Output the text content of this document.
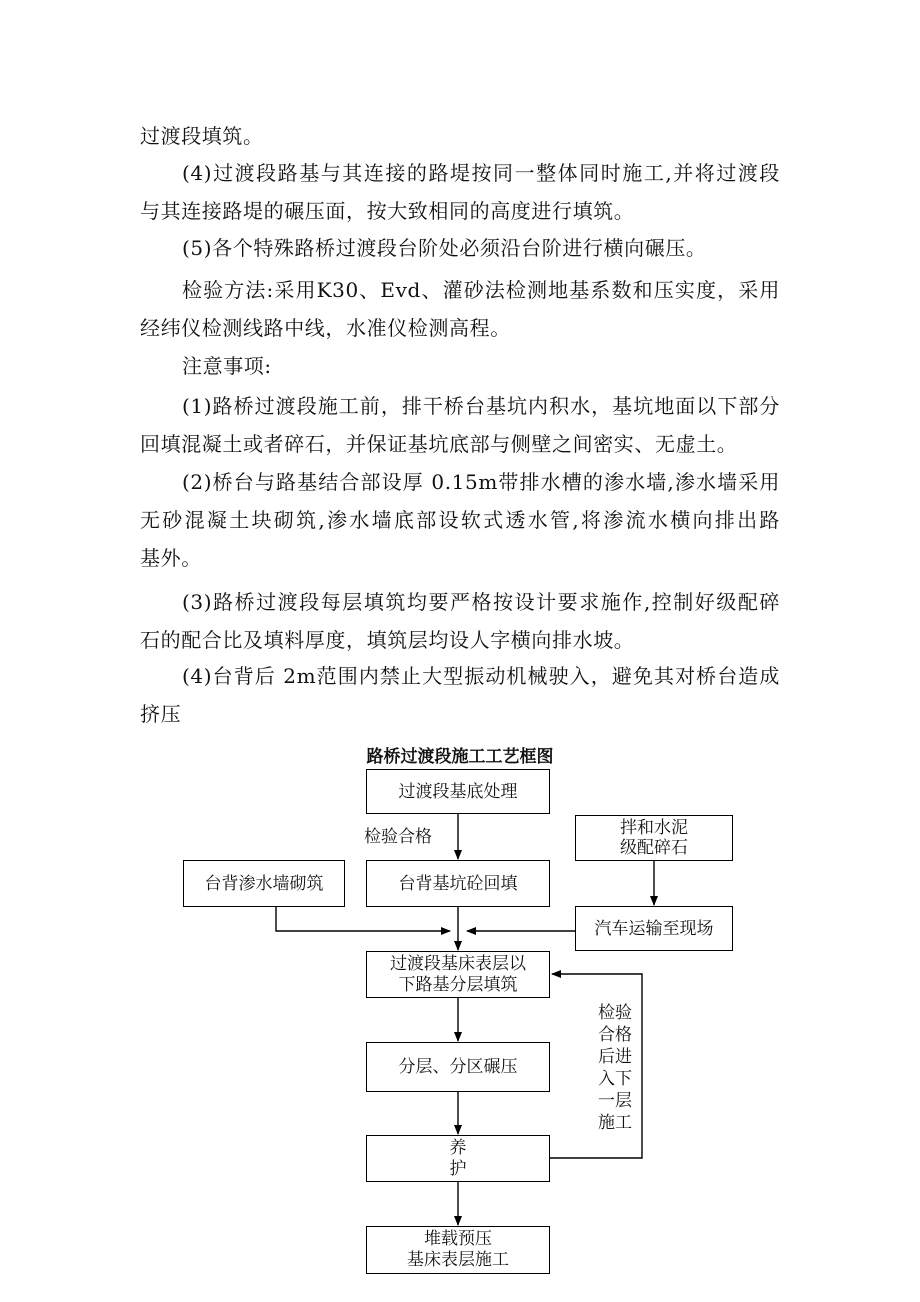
过渡段填筑。
(4)过渡段路基与其连接的路堤按同一整体同时施工,并将过渡段
与其连接路堤的碾压面，按大致相同的高度进行填筑。
(5)各个特殊路桥过渡段台阶处必须沿台阶进行横向碾压。
检验方法:采用K30、Evd、灌砂法检测地基系数和压实度，采用
经纬仪检测线路中线，水准仪检测高程。
注意事项:
(1)路桥过渡段施工前，排干桥台基坑内积水，基坑地面以下部分
回填混凝土或者碎石，并保证基坑底部与侧壁之间密实、无虚土。
(2)桥台与路基结合部设厚 0.15m带排水槽的渗水墙,渗水墙采用
无砂混凝土块砌筑,渗水墙底部设软式透水管,将渗流水横向排出路
基外。
(3)路桥过渡段每层填筑均要严格按设计要求施作,控制好级配碎
石的配合比及填料厚度，填筑层均设人字横向排水坡。
(4)台背后 2m范围内禁止大型振动机械驶入，避免其对桥台造成
挤压
路桥过渡段施工工艺框图
过渡段基底处理
检验合格	拌和水泥
级配碎石
台背渗水墙砌筑	台背基坑砼回填
汽车运输至现场
过渡段基床表层以
下路基分层填筑
分层、分区碾压
养
护
堆载预压
基床表层施工
检验
合格
后进
入下
一层
施工
